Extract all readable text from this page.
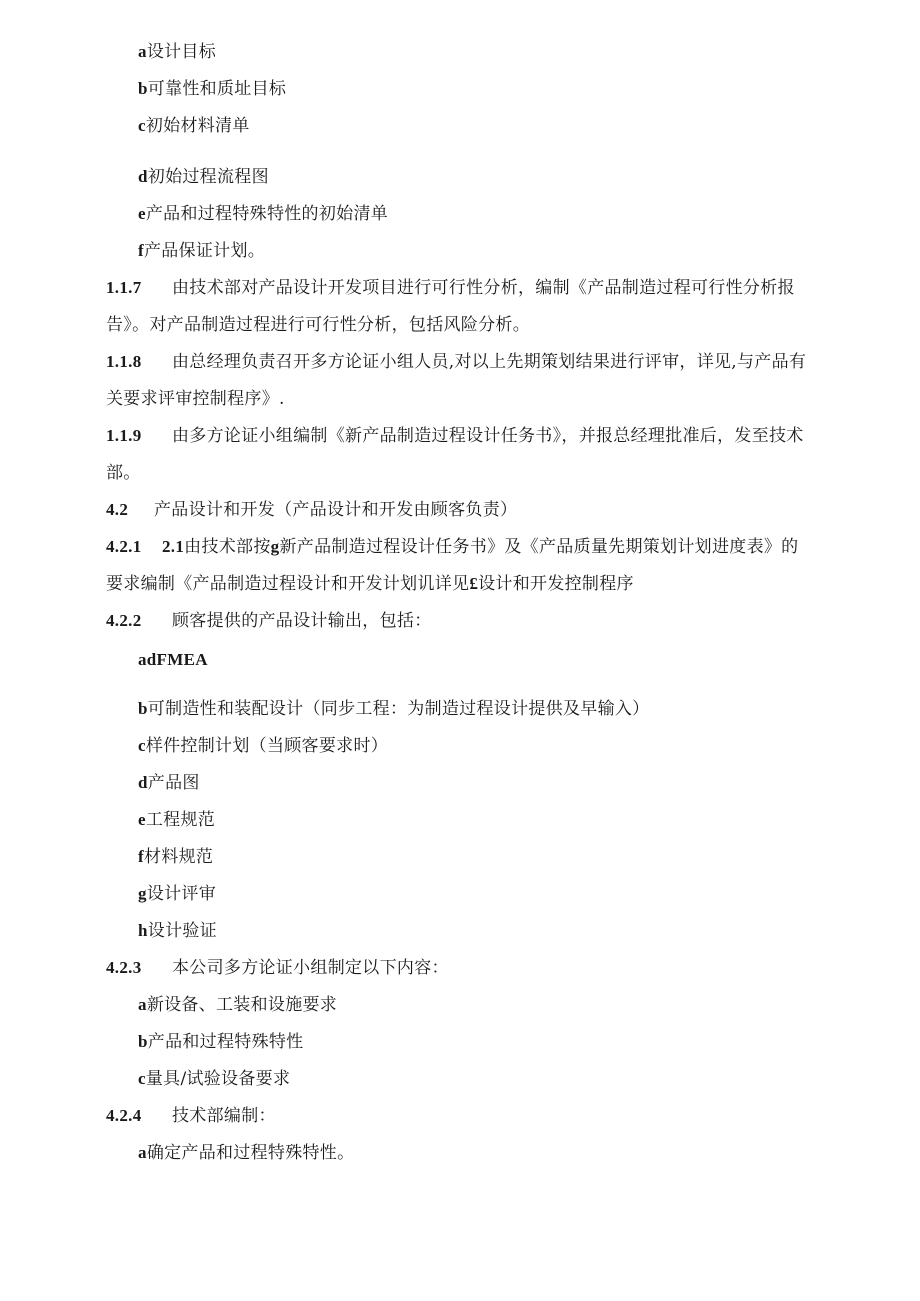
a设计目标
b可靠性和质址目标
c初始材料清单
d初始过程流程图
e产品和过程特殊特性的初始清单
f产品保证计划。
1.1.7 由技术部对产品设计开发项目进行可行性分析，编制《产品制造过程可行性分析报
告》。对产品制造过程进行可行性分析，包括风险分析。
1.1.8 由总经理负责召开多方论证小组人员,对以上先期策划结果进行评审，详见,与产品有
关要求评审控制程序》.
1.1.9 由多方论证小组编制《新产品制造过程设计任务书》，并报总经理批准后，发至技术
部。
4.2 产品设计和开发（产品设计和开发由顾客负责）
4.2.1 2.1由技术部按g新产品制造过程设计任务书》及《产品质量先期策划计划进度表》的
要求编制《产品制造过程设计和开发计划讥详见£设计和开发控制程序
4.2.2 顾客提供的产品设计输出，包括：
adFMEA
b可制造性和装配设计（同步工程：为制造过程设计提供及早输入）
c样件控制计划（当顾客要求时）
d产品图
e工程规范
f材料规范
g设计评审
h设计验证
4.2.3 本公司多方论证小组制定以下内容：
a新设备、工装和设施要求
b产品和过程特殊特性
c量具/试验设备要求
4.2.4 技术部编制：
a确定产品和过程特殊特性。
